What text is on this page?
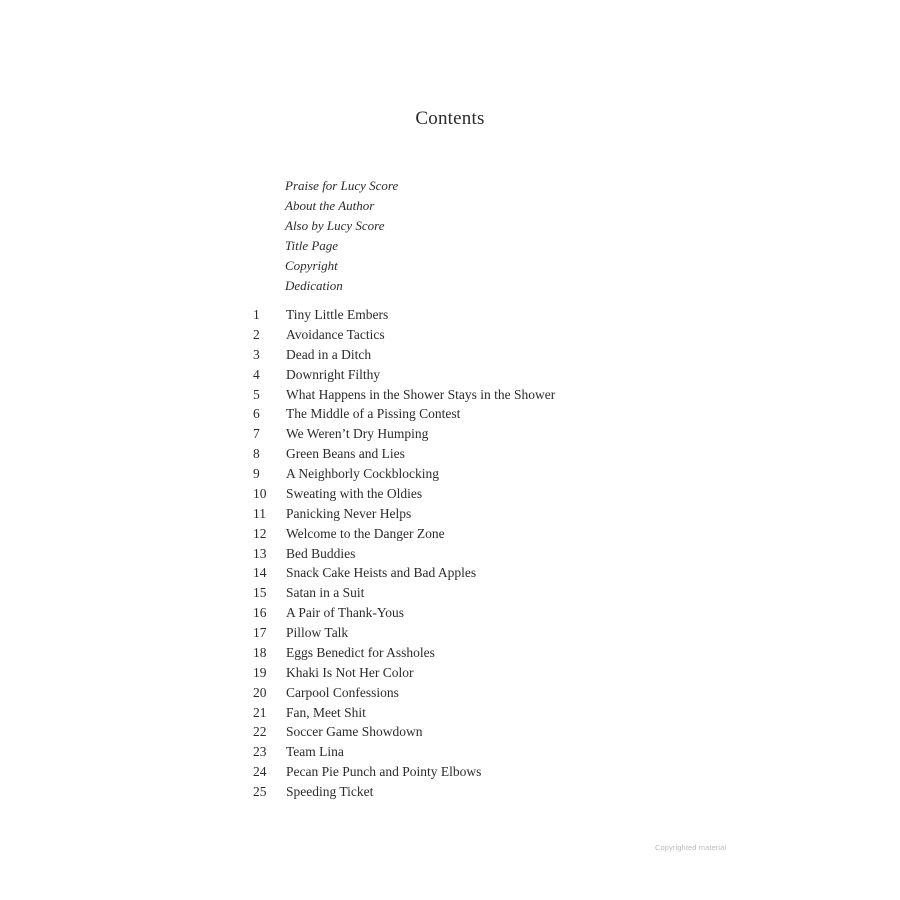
Contents
Praise for Lucy Score
About the Author
Also by Lucy Score
Title Page
Copyright
Dedication
1	Tiny Little Embers
2	Avoidance Tactics
3	Dead in a Ditch
4	Downright Filthy
5	What Happens in the Shower Stays in the Shower
6	The Middle of a Pissing Contest
7	We Weren’t Dry Humping
8	Green Beans and Lies
9	A Neighborly Cockblocking
10	Sweating with the Oldies
11	Panicking Never Helps
12	Welcome to the Danger Zone
13	Bed Buddies
14	Snack Cake Heists and Bad Apples
15	Satan in a Suit
16	A Pair of Thank-Yous
17	Pillow Talk
18	Eggs Benedict for Assholes
19	Khaki Is Not Her Color
20	Carpool Confessions
21	Fan, Meet Shit
22	Soccer Game Showdown
23	Team Lina
24	Pecan Pie Punch and Pointy Elbows
25	Speeding Ticket
Copyrighted material
